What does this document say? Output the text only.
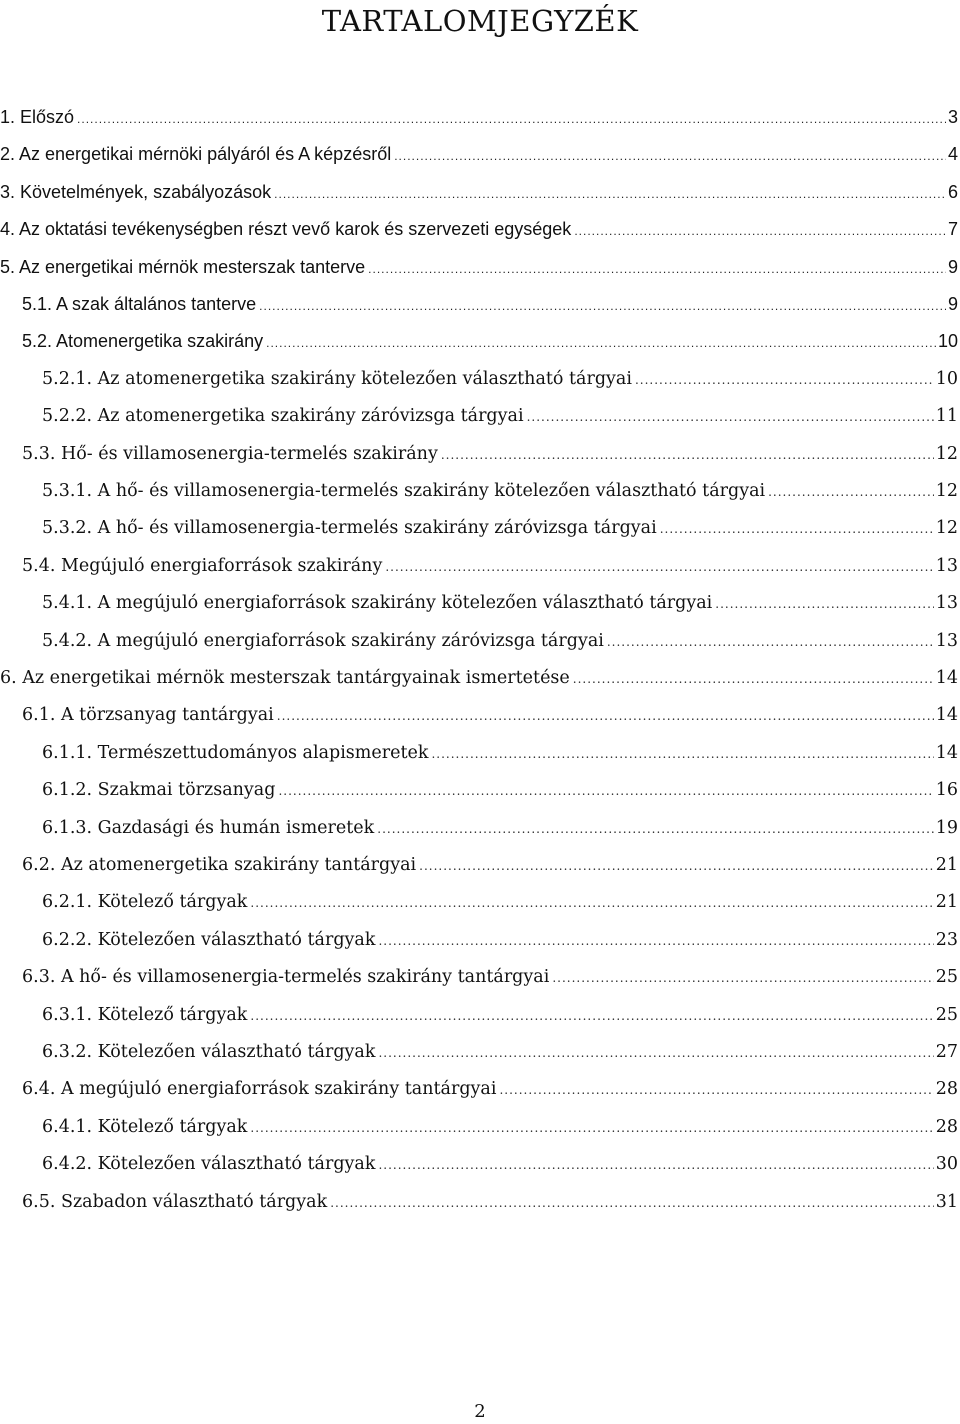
TARTALOMJEGYZÉK
1. Előszó .....	3
2. Az energetikai mérnöki pályáról és A képzésről .....	4
3. Követelmények, szabályozások .....	6
4. Az oktatási tevékenységben részt vevő karok és szervezeti egységek .....	7
5. Az energetikai mérnök mesterszak tanterve .....	9
5.1. A szak általános tanterve .....	9
5.2. Atomenergetika szakirány .....	10
5.2.1. Az atomenergetika szakirány kötelezően választható tárgyai .....	10
5.2.2. Az atomenergetika szakirány záróvizsga tárgyai .....	11
5.3. Hő- és villamosenergia-termelés szakirány .....	12
5.3.1. A hő- és villamosenergia-termelés szakirány kötelezően választható tárgyai .....	12
5.3.2. A hő- és villamosenergia-termelés szakirány záróvizsga tárgyai .....	12
5.4. Megújuló energiaforrások szakirány .....	13
5.4.1. A megújuló energiaforrások szakirány kötelezően választható tárgyai .....	13
5.4.2. A megújuló energiaforrások szakirány záróvizsga tárgyai .....	13
6. Az energetikai mérnök mesterszak tantárgyainak ismertetése .....	14
6.1. A törzsanyag tantárgyai .....	14
6.1.1. Természettudományos alapismeretek .....	14
6.1.2. Szakmai törzsanyag .....	16
6.1.3. Gazdasági és humán ismeretek .....	19
6.2. Az atomenergetika szakirány tantárgyai .....	21
6.2.1. Kötelező tárgyak .....	21
6.2.2. Kötelezően választható tárgyak .....	23
6.3. A hő- és villamosenergia-termelés szakirány tantárgyai .....	25
6.3.1. Kötelező tárgyak .....	25
6.3.2. Kötelezően választható tárgyak .....	27
6.4. A megújuló energiaforrások szakirány tantárgyai .....	28
6.4.1. Kötelező tárgyak .....	28
6.4.2. Kötelezően választható tárgyak .....	30
6.5. Szabadon választható tárgyak .....	31
2
